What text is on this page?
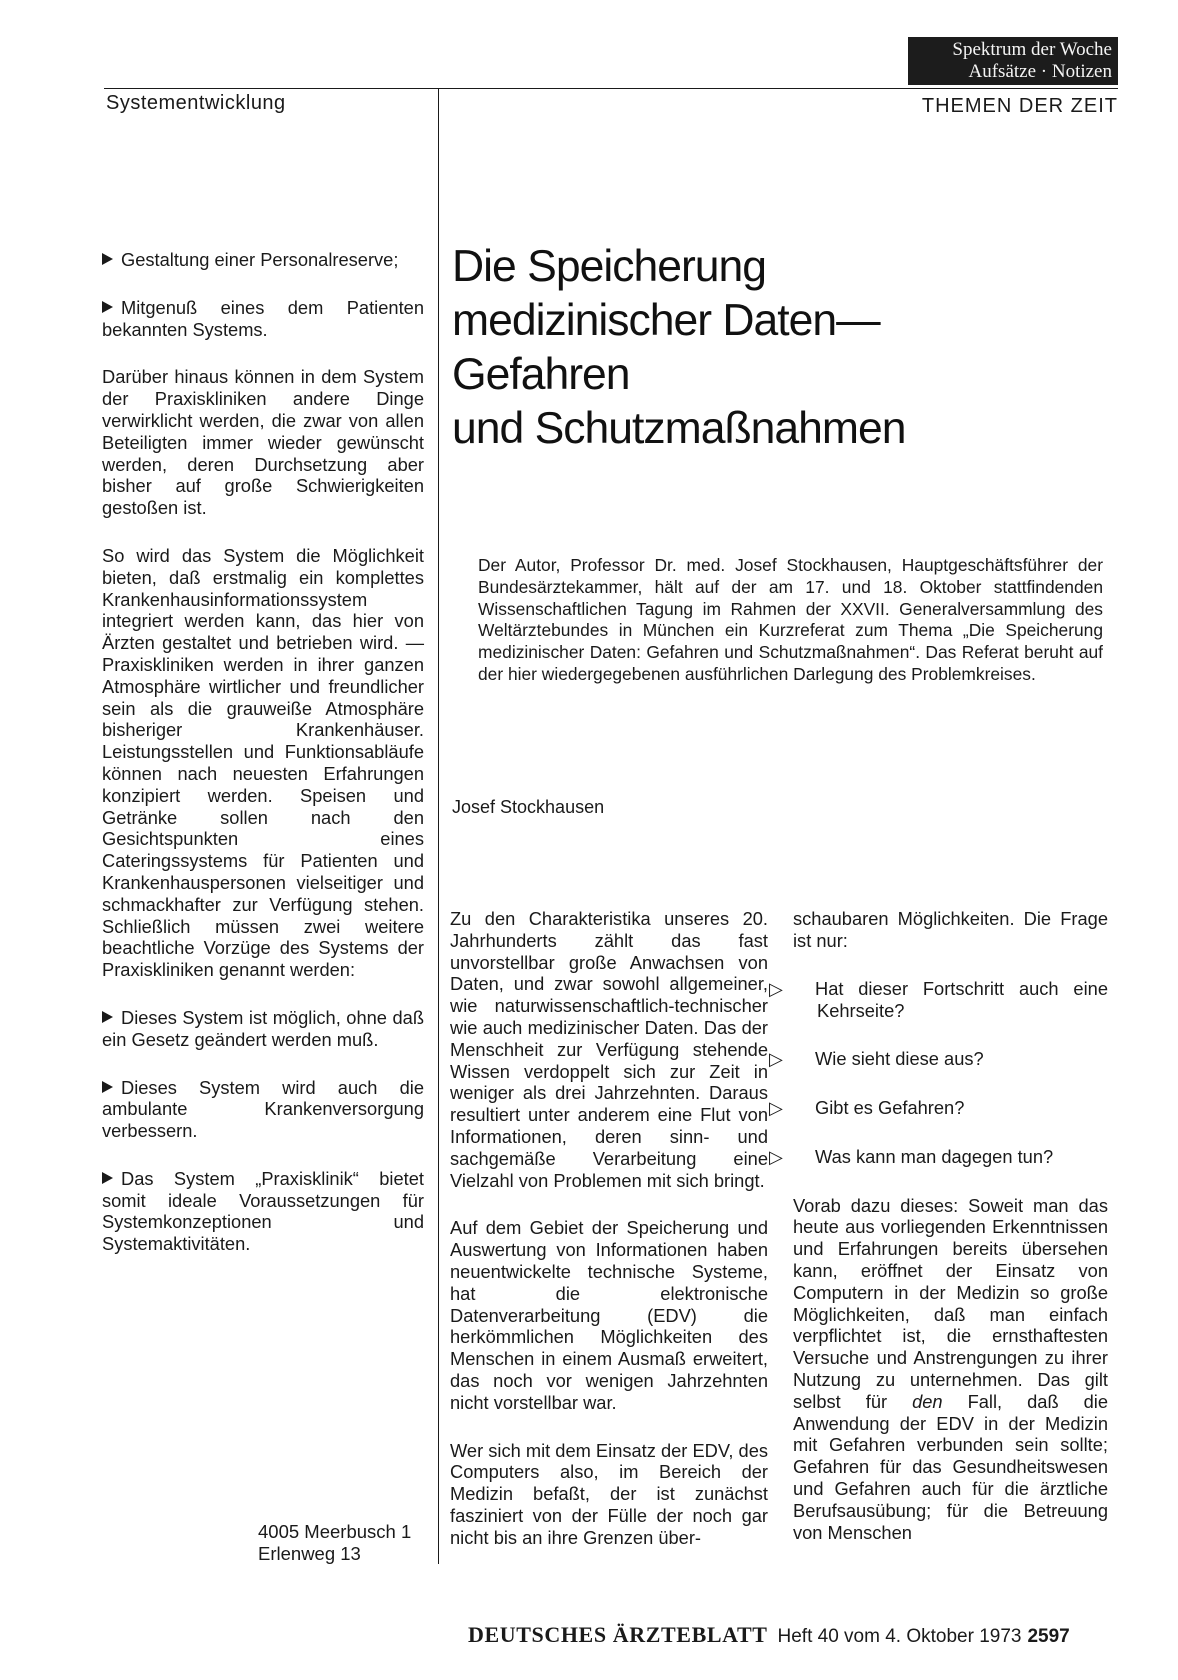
Spektrum der Woche
Aufsätze · Notizen
Systementwicklung	THEMEN DER ZEIT

Gestaltung einer Personalreserve;

Mitgenuß eines dem Patienten bekannten Systems.

Darüber hinaus können in dem System der Praxiskliniken andere Dinge verwirklicht werden, die zwar von allen Beteiligten immer wieder gewünscht werden, deren Durchsetzung aber bisher auf große Schwierigkeiten gestoßen ist.

So wird das System die Möglichkeit bieten, daß erstmalig ein komplettes Krankenhausinformationssystem integriert werden kann, das hier von Ärzten gestaltet und betrieben wird. — Praxiskliniken werden in ihrer ganzen Atmosphäre wirtlicher und freundlicher sein als die grauweiße Atmosphäre bisheriger Krankenhäuser. Leistungsstellen und Funktionsabläufe können nach neuesten Erfahrungen konzipiert werden. Speisen und Getränke sollen nach den Gesichtspunkten eines Cateringssystems für Patienten und Krankenhauspersonen vielseitiger und schmackhafter zur Verfügung stehen. Schließlich müssen zwei weitere beachtliche Vorzüge des Systems der Praxiskliniken genannt werden:

Dieses System ist möglich, ohne daß ein Gesetz geändert werden muß.

Dieses System wird auch die ambulante Krankenversorgung verbessern.

Das System „Praxisklinik“ bietet somit ideale Voraussetzungen für Systemkonzeptionen und Systemaktivitäten.

4005 Meerbusch 1
Erlenweg 13
Die Speicherung
medizinischer Daten—
Gefahren
und Schutzmaßnahmen
Der Autor, Professor Dr. med. Josef Stockhausen, Hauptgeschäftsführer der Bundesärztekammer, hält auf der am 17. und 18. Oktober stattfindenden Wissenschaftlichen Tagung im Rahmen der XXVII. Generalversammlung des Weltärztebundes in München ein Kurzreferat zum Thema „Die Speicherung medizinischer Daten: Gefahren und Schutzmaßnahmen“. Das Referat beruht auf der hier wiedergegebenen ausführlichen Darlegung des Problemkreises.
Josef Stockhausen

Zu den Charakteristika unseres 20. Jahrhunderts zählt das fast unvorstellbar große Anwachsen von Daten, und zwar sowohl allgemeiner, wie naturwissenschaftlich-technischer wie auch medizinischer Daten. Das der Menschheit zur Verfügung stehende Wissen verdoppelt sich zur Zeit in weniger als drei Jahrzehnten. Daraus resultiert unter anderem eine Flut von Informationen, deren sinn- und sachgemäße Verarbeitung eine Vielzahl von Problemen mit sich bringt.

Auf dem Gebiet der Speicherung und Auswertung von Informationen haben neuentwickelte technische Systeme, hat die elektronische Datenverarbeitung (EDV) die herkömmlichen Möglichkeiten des Menschen in einem Ausmaß erweitert, das noch vor wenigen Jahrzehnten nicht vorstellbar war.

Wer sich mit dem Einsatz der EDV, des Computers also, im Bereich der Medizin befaßt, der ist zunächst fasziniert von der Fülle der noch gar nicht bis an ihre Grenzen über-

schaubaren Möglichkeiten. Die Frage ist nur:

▷ Hat dieser Fortschritt auch eine Kehrseite?

▷ Wie sieht diese aus?

▷ Gibt es Gefahren?

▷ Was kann man dagegen tun?

Vorab dazu dieses: Soweit man das heute aus vorliegenden Erkenntnissen und Erfahrungen bereits übersehen kann, eröffnet der Einsatz von Computern in der Medizin so große Möglichkeiten, daß man einfach verpflichtet ist, die ernsthaftesten Versuche und Anstrengungen zu ihrer Nutzung zu unternehmen. Das gilt selbst für den Fall, daß die Anwendung der EDV in der Medizin mit Gefahren verbunden sein sollte; Gefahren für das Gesundheitswesen und Gefahren auch für die ärztliche Berufsausübung; für die Betreuung von Menschen

DEUTSCHES ÄRZTEBLATT Heft 40 vom 4. Oktober 1973 2597
